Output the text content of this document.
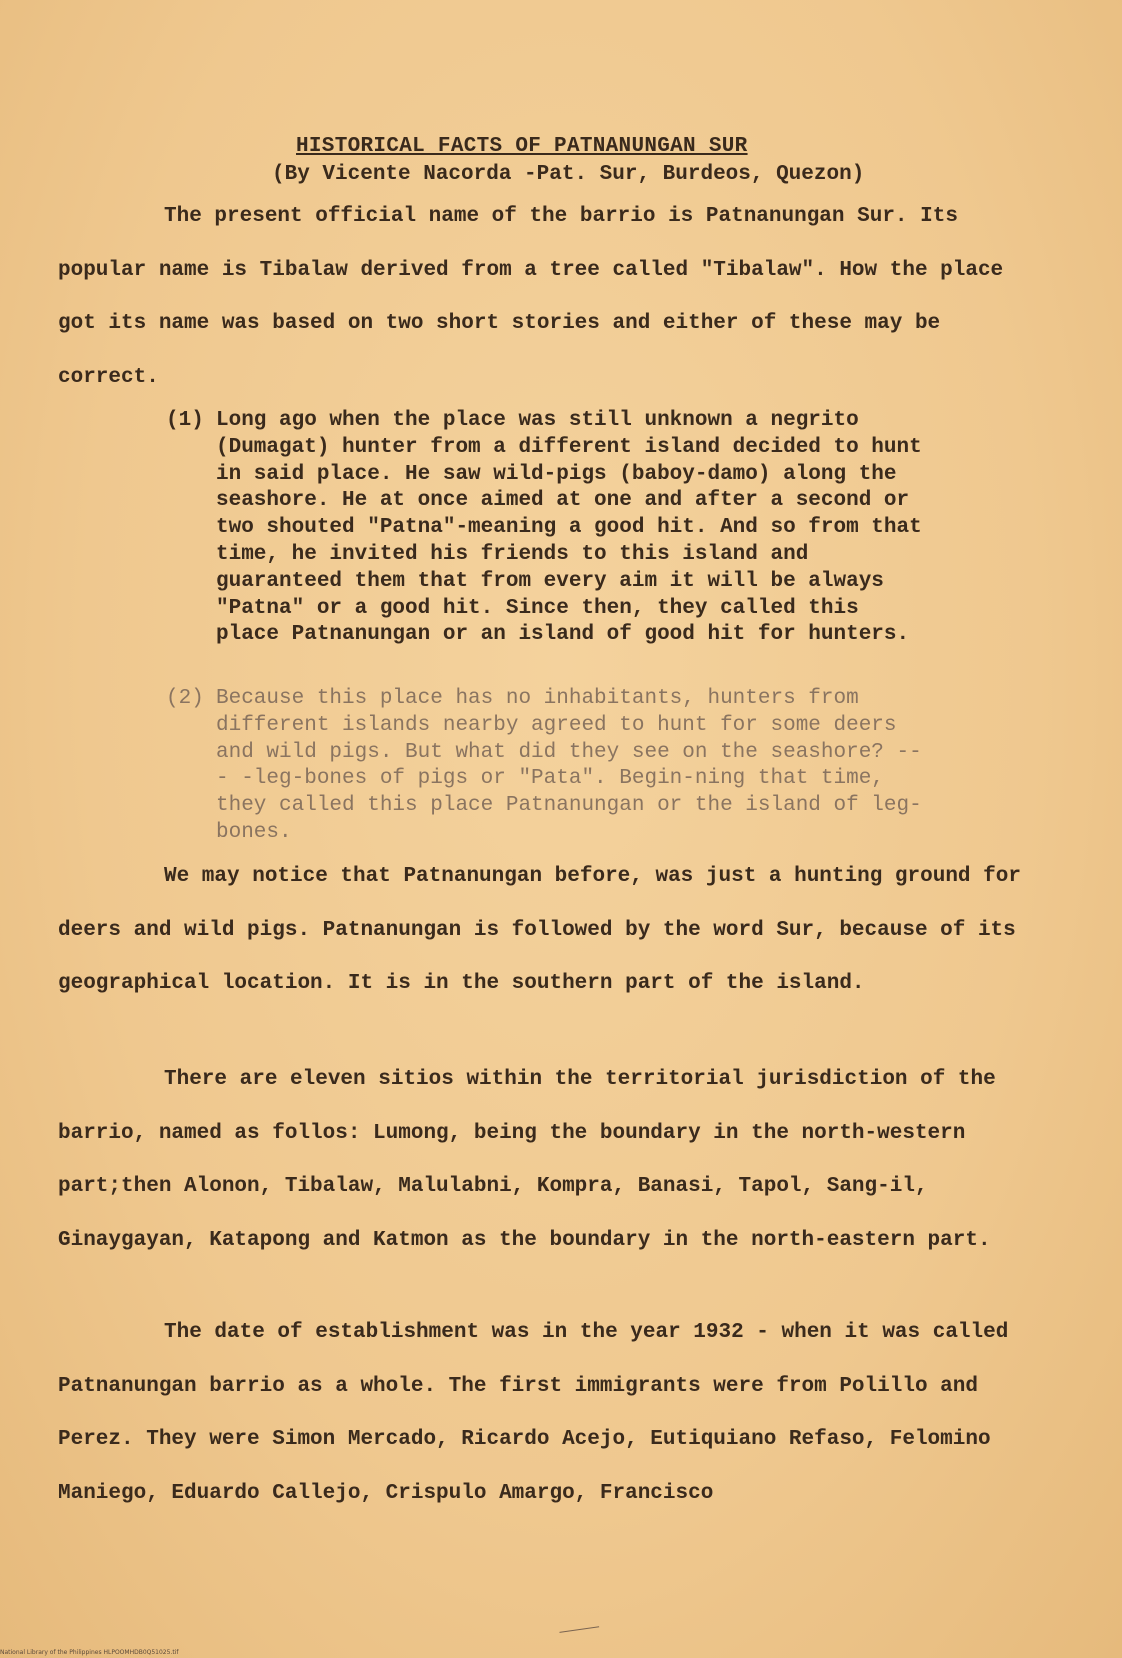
HISTORICAL FACTS OF PATNANUNGAN SUR
(By Vicente Nacorda -Pat. Sur, Burdeos, Quezon)
The present official name of the barrio is Patnanungan Sur. Its popular name is Tibalaw derived from a tree called "Tibalaw". How the place got its name was based on two short stories and either of these may be correct.
(1) Long ago when the place was still unknown a negrito (Dumagat) hunter from a different island decided to hunt in said place. He saw wild-pigs (baboy-damo) along the seashore. He at once aimed at one and after a second or two shouted "Patna"-meaning a good hit. And so from that time, he invited his friends to this island and guaranteed them that from every aim it will be always "Patna" or a good hit. Since then, they called this place Patnanungan or an island of good hit for hunters.
(2) Because this place has no inhabitants, hunters from different islands nearby agreed to hunt for some deers and wild pigs. But what did they see on the seashore? --- -leg-bones of pigs or "Pata". Begin-ning that time, they called this place Patnanungan or the island of leg-bones.
We may notice that Patnanungan before, was just a hunting ground for deers and wild pigs. Patnanungan is followed by the word Sur, because of its geographical location. It is in the southern part of the island.
There are eleven sitios within the territorial jurisdiction of the barrio, named as follos: Lumong, being the boundary in the north-western part;then Alonon, Tibalaw, Malulabni, Kompra, Banasi, Tapol, Sang-il, Ginaygayan, Katapong and Katmon as the boundary in the north-eastern part.
The date of establishment was in the year 1932 - when it was called Patnanungan barrio as a whole. The first immigrants were from Polillo and Perez. They were Simon Mercado, Ricardo Acejo, Eutiquiano Refaso, Felomino Maniego, Eduardo Callejo, Crispulo Amargo, Francisco
National Library of the Philippines HLPOOMHDB0Q51025.tif
